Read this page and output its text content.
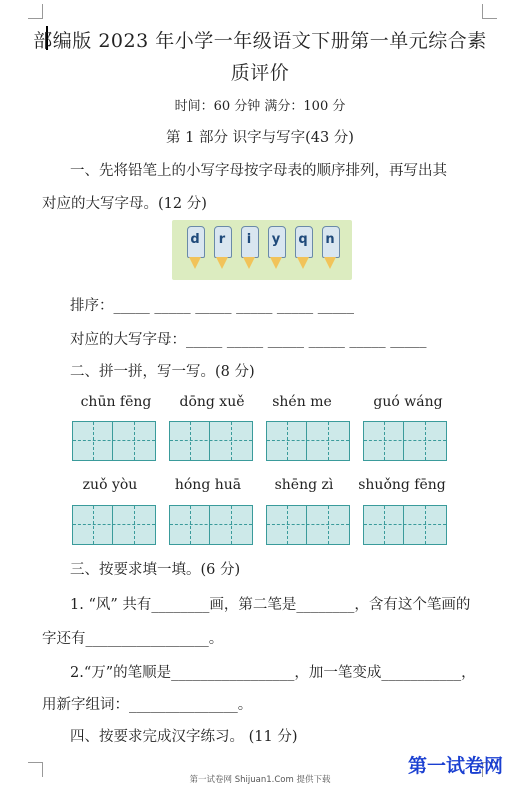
部编版 2023 年小学一年级语文下册第一单元综合素
质评价
时间：60 分钟 满分：100 分
第 1 部分 识字与写字(43 分)
一、先将铅笔上的小写字母按字母表的顺序排列，再写出其
对应的大写字母。(12 分)
d	r	i	y	q	n
排序：_____ _____ _____ _____ _____ _____
对应的大写字母：_____ _____ _____ _____ _____ _____
二、拼一拼，写一写。(8 分)
chūn fēng	dōng xuě	shén me	guó wáng
zuǒ yòu	hóng huā	shēng zì	shuǒng fēng
三、按要求填一填。(6 分)
1. “风” 共有________画，第二笔是________，含有这个笔画的
字还有_________________。
2.“万”的笔顺是_________________，加一笔变成___________，
用新字组词：_______________。
四、按要求完成汉字练习。 (11 分)
第一试卷网 Shijuan1.Com 提供下载
第一试卷网
